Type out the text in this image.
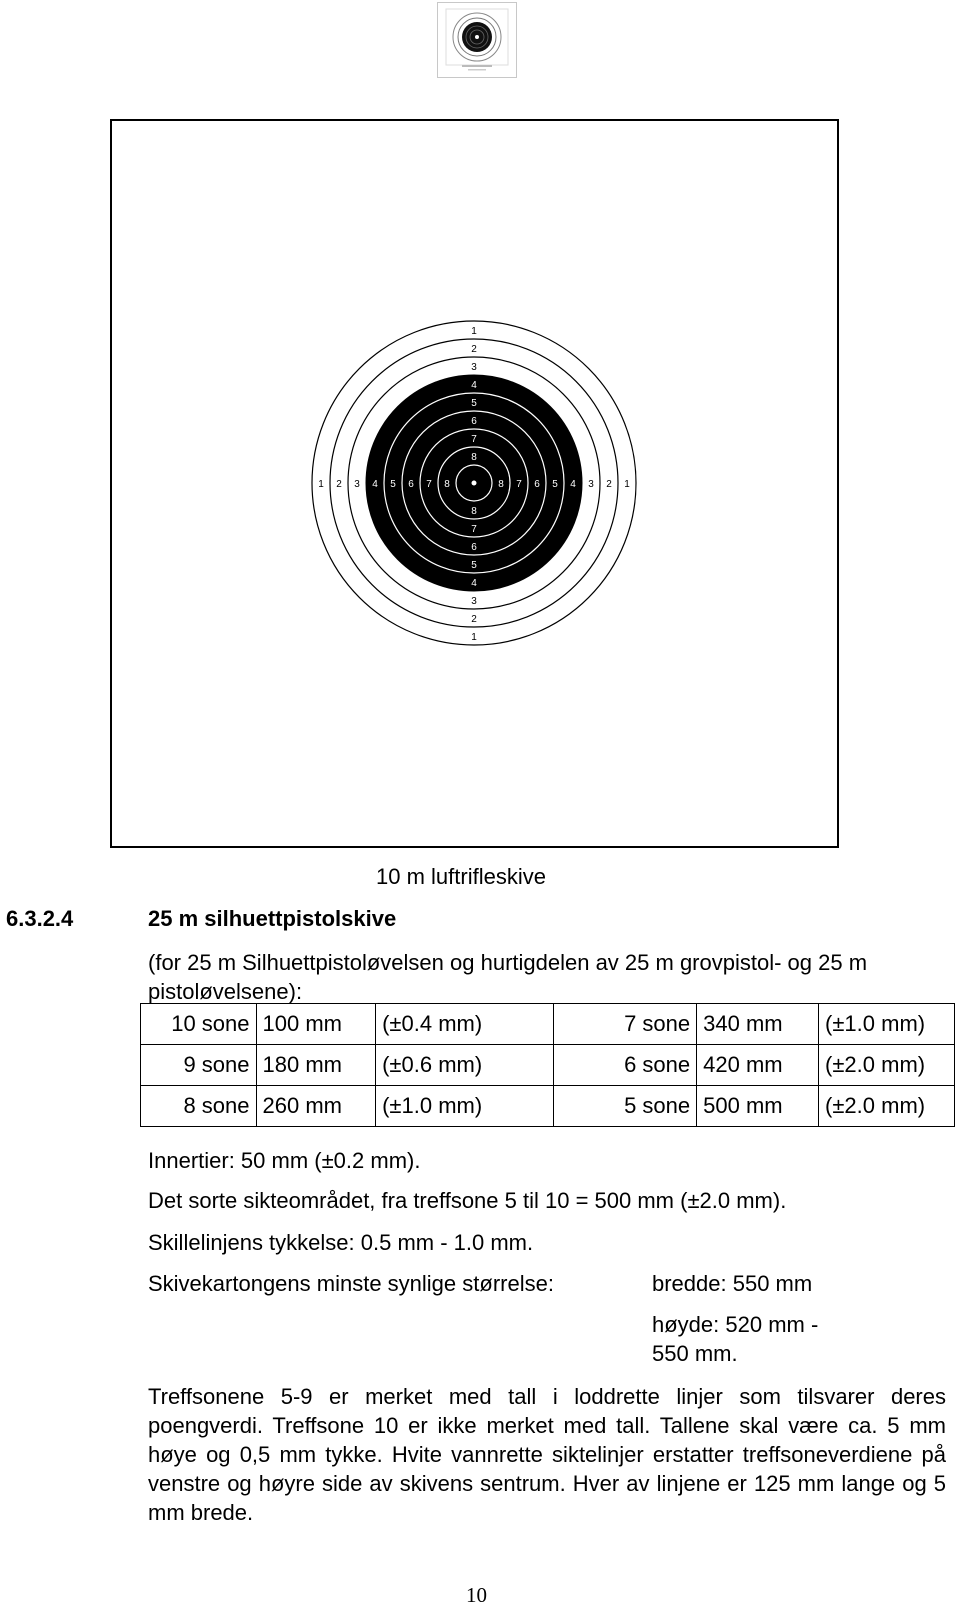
1
1
1	1
2
2
2	2
3
3
3	3
4
4
4	4
5
5
5	5
6
6
6	6
7
7
7	7
8
8
8	8
10 m luftrifleskive
6.3.2.4	25 m silhuettpistolskive
(for 25 m Silhuettpistoløvelsen og hurtigdelen av 25 m grovpistol- og 25 m pistoløvelsene):
10 sone	100 mm	(±0.4 mm)	7 sone	340 mm	(±1.0 mm)
9 sone	180 mm	(±0.6 mm)	6 sone	420 mm	(±2.0 mm)
8 sone	260 mm	(±1.0 mm)	5 sone	500 mm	(±2.0 mm)
Innertier: 50 mm (±0.2 mm).
Det sorte sikteområdet, fra treffsone 5 til 10 = 500 mm (±2.0 mm).
Skillelinjens tykkelse: 0.5 mm - 1.0 mm.
Skivekartongens minste synlige størrelse:	bredde: 550 mm
høyde: 520 mm -
550 mm.
Treffsonene 5-9 er merket med tall i loddrette linjer som tilsvarer deres poengverdi. Treffsone 10 er ikke merket med tall. Tallene skal være ca. 5 mm høye og 0,5 mm tykke. Hvite vannrette siktelinjer erstatter treffsoneverdiene på venstre og høyre side av skivens sentrum. Hver av linjene er 125 mm lange og 5 mm brede.
10
